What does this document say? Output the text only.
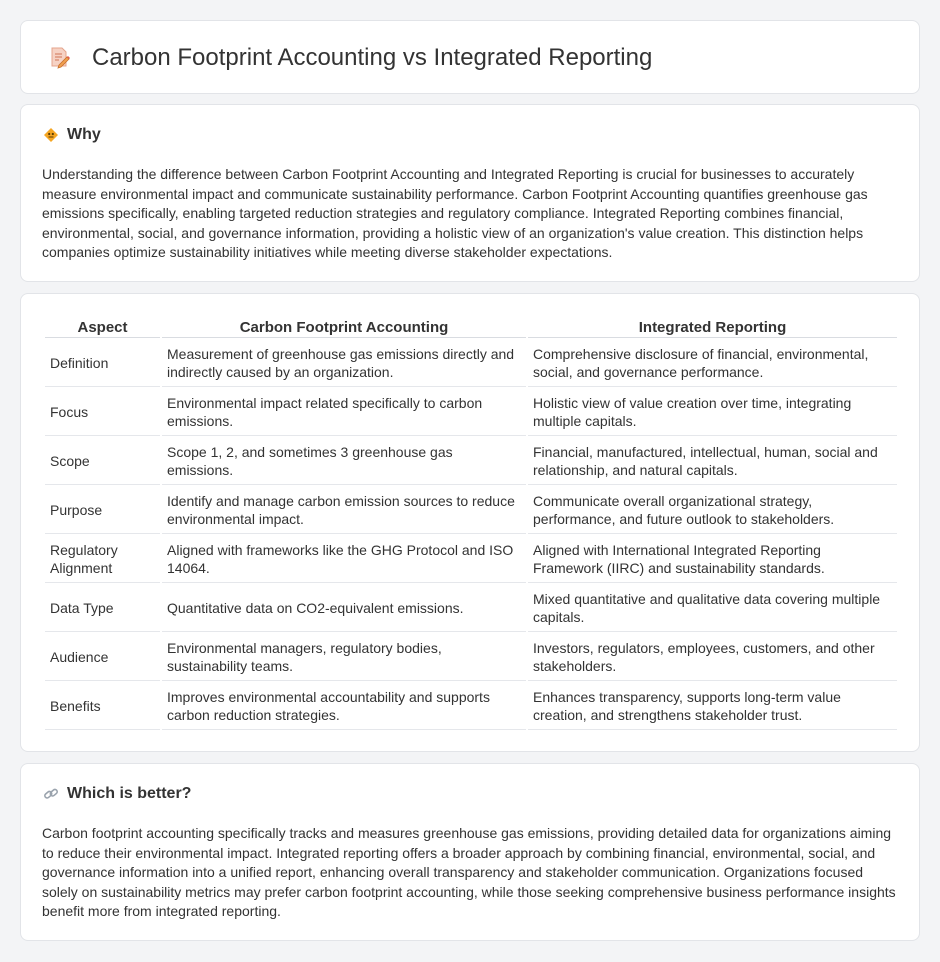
Carbon Footprint Accounting vs Integrated Reporting
Why

Understanding the difference between Carbon Footprint Accounting and Integrated Reporting is crucial for businesses to accurately measure environmental impact and communicate sustainability performance. Carbon Footprint Accounting quantifies greenhouse gas emissions specifically, enabling targeted reduction strategies and regulatory compliance. Integrated Reporting combines financial, environmental, social, and governance information, providing a holistic view of an organization's value creation. This distinction helps companies optimize sustainability initiatives while meeting diverse stakeholder expectations.

Aspect	Carbon Footprint Accounting	Integrated Reporting
Definition	Measurement of greenhouse gas emissions directly and indirectly caused by an organization.	Comprehensive disclosure of financial, environmental, social, and governance performance.
Focus	Environmental impact related specifically to carbon emissions.	Holistic view of value creation over time, integrating multiple capitals.
Scope	Scope 1, 2, and sometimes 3 greenhouse gas emissions.	Financial, manufactured, intellectual, human, social and relationship, and natural capitals.
Purpose	Identify and manage carbon emission sources to reduce environmental impact.	Communicate overall organizational strategy, performance, and future outlook to stakeholders.
Regulatory Alignment	Aligned with frameworks like the GHG Protocol and ISO 14064.	Aligned with International Integrated Reporting Framework (IIRC) and sustainability standards.
Data Type	Quantitative data on CO2-equivalent emissions.	Mixed quantitative and qualitative data covering multiple capitals.
Audience	Environmental managers, regulatory bodies, sustainability teams.	Investors, regulators, employees, customers, and other stakeholders.
Benefits	Improves environmental accountability and supports carbon reduction strategies.	Enhances transparency, supports long-term value creation, and strengthens stakeholder trust.
Which is better?

Carbon footprint accounting specifically tracks and measures greenhouse gas emissions, providing detailed data for organizations aiming to reduce their environmental impact. Integrated reporting offers a broader approach by combining financial, environmental, social, and governance information into a unified report, enhancing overall transparency and stakeholder communication. Organizations focused solely on sustainability metrics may prefer carbon footprint accounting, while those seeking comprehensive business performance insights benefit more from integrated reporting.
